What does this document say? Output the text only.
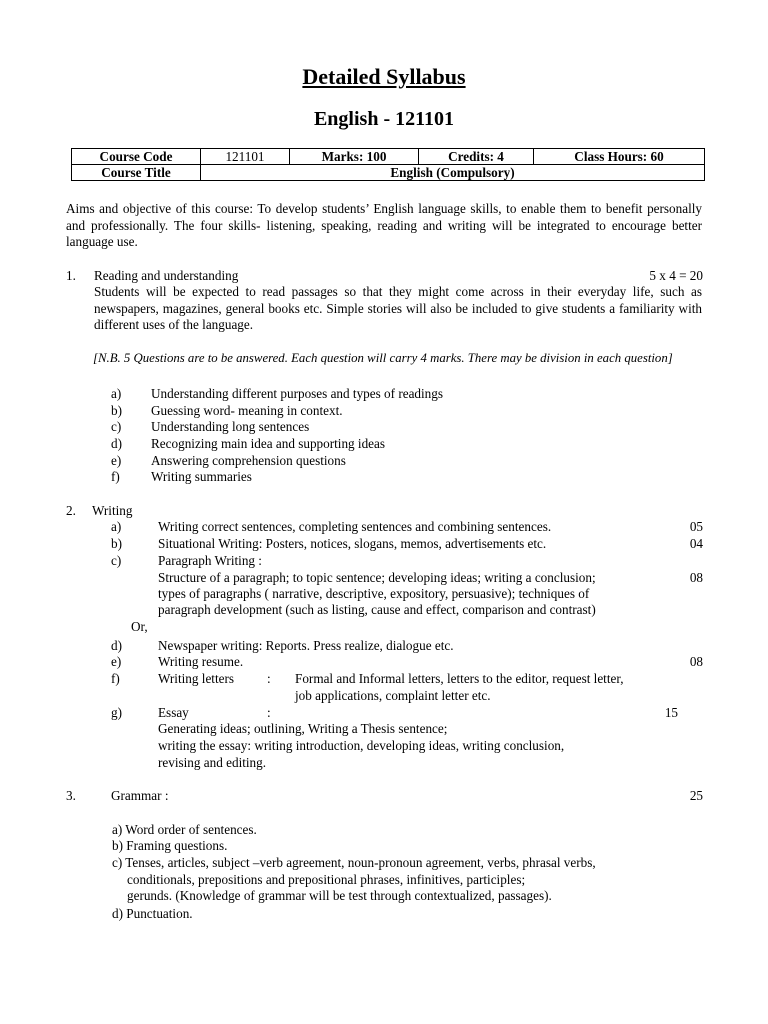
Detailed Syllabus
English - 121101
Course Code	121101	Marks: 100	Credits: 4	Class Hours: 60
Course Title	English (Compulsory)			
Aims and objective of this course: To develop students’ English language skills, to enable them to benefit personally and professionally. The four skills- listening, speaking, reading and writing will be integrated to encourage better language use.
1. Reading and understanding	5 x 4 = 20
Students will be expected to read passages so that they might come across in their everyday life, such as newspapers, magazines, general books etc. Simple stories will also be included to give students a familiarity with different uses of the language.
[N.B. 5 Questions are to be answered. Each question will carry 4 marks. There may be division in each question]
a) Understanding different purposes and types of readings
b) Guessing word- meaning in context.
c) Understanding long sentences
d) Recognizing main idea and supporting ideas
e) Answering comprehension questions
f) Writing summaries
2. Writing
a)	Writing correct sentences, completing sentences and combining sentences.	05
b)	Situational Writing: Posters, notices, slogans, memos, advertisements etc.	04
c)	Paragraph Writing :
Structure of a paragraph; to topic sentence; developing ideas; writing a conclusion;	08
types of paragraphs ( narrative, descriptive, expository, persuasive); techniques of
paragraph development (such as listing, cause and effect, comparison and contrast)
Or,
d)	Newspaper writing: Reports. Press realize, dialogue etc.
e)	Writing resume.	08
f)	Writing letters : Formal and Informal letters, letters to the editor, request letter,
job applications, complaint letter etc.
g)	Essay	:	15
Generating ideas; outlining, Writing a Thesis sentence;
writing the essay: writing introduction, developing ideas, writing conclusion,
revising and editing.
3.	Grammar :	25
a) Word order of sentences.
b) Framing questions.
c) Tenses, articles, subject –verb agreement, noun-pronoun agreement, verbs, phrasal verbs,
conditionals, prepositions and prepositional phrases, infinitives, participles;
gerunds. (Knowledge of grammar will be test through contextualized, passages).
d) Punctuation.
